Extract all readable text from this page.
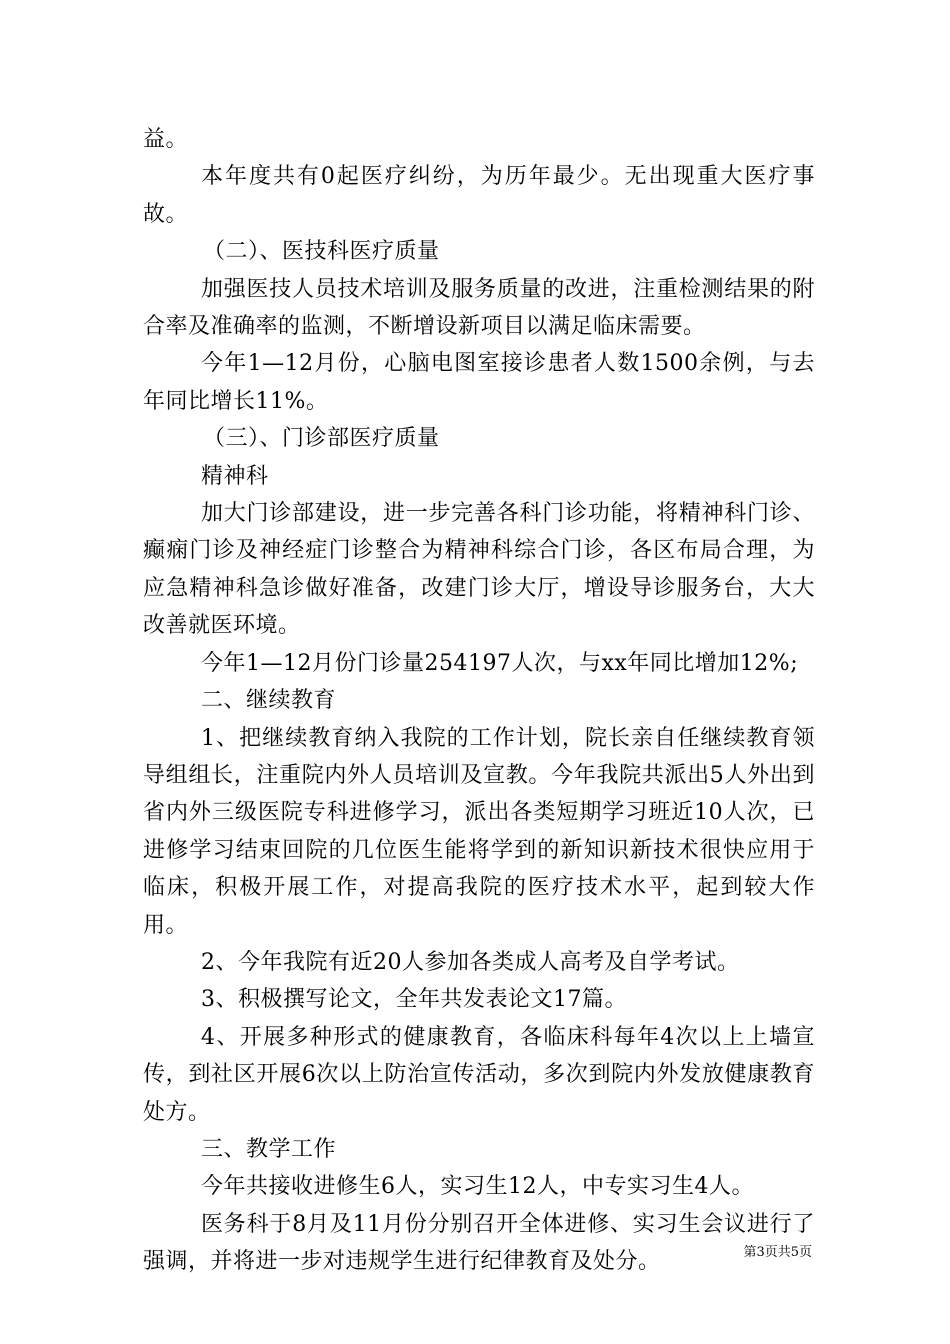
益。

本年度共有0起医疗纠纷，为历年最少。无出现重大医疗事故。

（二）、医技科医疗质量

加强医技人员技术培训及服务质量的改进，注重检测结果的附合率及准确率的监测，不断增设新项目以满足临床需要。

今年1—12月份，心脑电图室接诊患者人数1500余例，与去年同比增长11%。

（三）、门诊部医疗质量

精神科

加大门诊部建设，进一步完善各科门诊功能，将精神科门诊、癫痫门诊及神经症门诊整合为精神科综合门诊，各区布局合理，为应急精神科急诊做好准备，改建门诊大厅，增设导诊服务台，大大改善就医环境。

今年1—12月份门诊量254197人次，与xx年同比增加12%;

二、继续教育

1、把继续教育纳入我院的工作计划，院长亲自任继续教育领导组组长，注重院内外人员培训及宣教。今年我院共派出5人外出到省内外三级医院专科进修学习，派出各类短期学习班近10人次，已进修学习结束回院的几位医生能将学到的新知识新技术很快应用于临床，积极开展工作，对提高我院的医疗技术水平，起到较大作用。

2、今年我院有近20人参加各类成人高考及自学考试。

3、积极撰写论文，全年共发表论文17篇。

4、开展多种形式的健康教育，各临床科每年4次以上上墙宣传，到社区开展6次以上防治宣传活动，多次到院内外发放健康教育处方。

三、教学工作

今年共接收进修生6人，实习生12人，中专实习生4人。

医务科于8月及11月份分别召开全体进修、实习生会议进行了强调，并将进一步对违规学生进行纪律教育及处分。	第3页共5页
